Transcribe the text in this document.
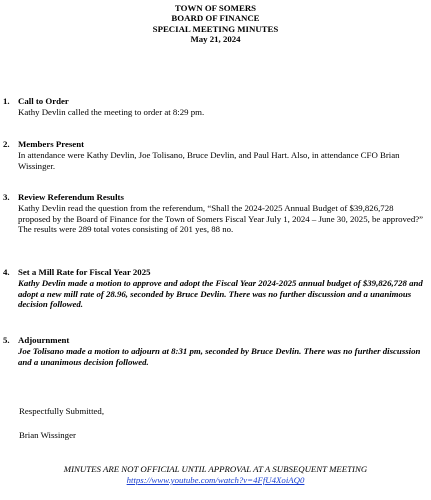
TOWN OF SOMERS
BOARD OF FINANCE
SPECIAL MEETING MINUTES
May 21, 2024
1. Call to Order

Kathy Devlin called the meeting to order at 8:29 pm.

2. Members Present

In attendance were Kathy Devlin, Joe Tolisano, Bruce Devlin, and Paul Hart. Also, in attendance CFO Brian Wissinger.

3. Review Referendum Results

Kathy Devlin read the question from the referendum, “Shall the 2024-2025 Annual Budget of $39,826,728 proposed by the Board of Finance for the Town of Somers Fiscal Year July 1, 2024 – June 30, 2025, be approved?”

The results were 289 total votes consisting of 201 yes, 88 no.

4. Set a Mill Rate for Fiscal Year 2025

Kathy Devlin made a motion to approve and adopt the Fiscal Year 2024-2025 annual budget of $39,826,728 and adopt a new mill rate of 28.96, seconded by Bruce Devlin. There was no further discussion and a unanimous decision followed.

5. Adjournment

Joe Tolisano made a motion to adjourn at 8:31 pm, seconded by Bruce Devlin. There was no further discussion and a unanimous decision followed.

Respectfully Submitted,
Brian Wissinger
MINUTES ARE NOT OFFICIAL UNTIL APPROVAL AT A SUBSEQUENT MEETING
https://www.youtube.com/watch?v=4FfU4XoiAQ0
